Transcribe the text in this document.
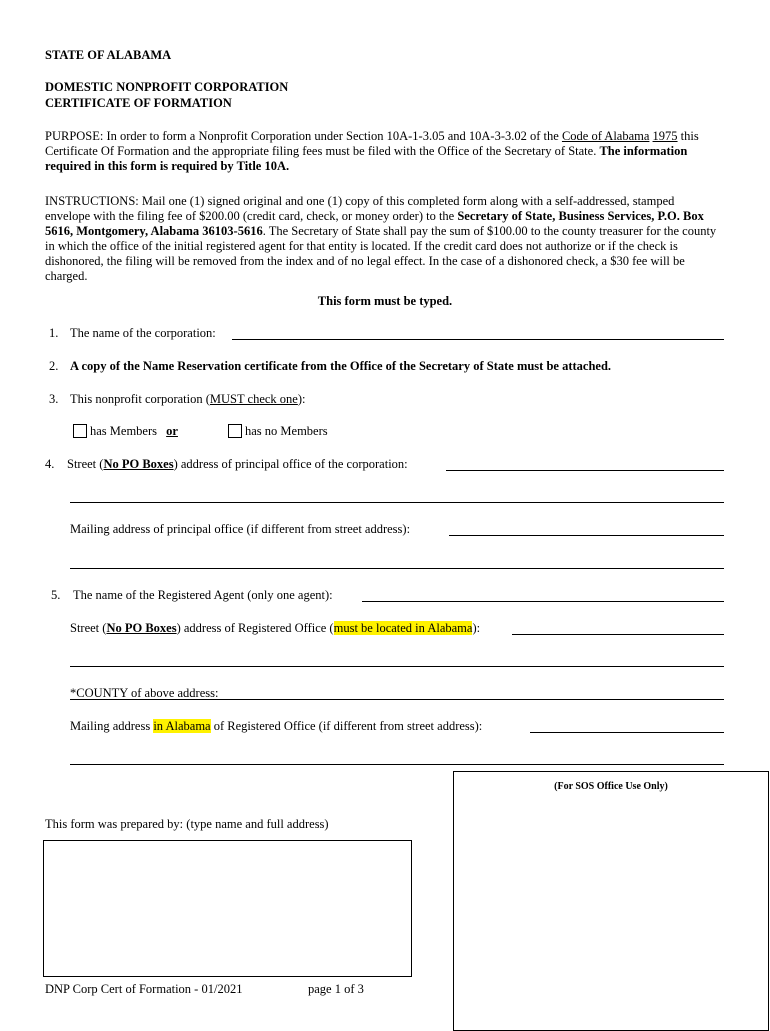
STATE OF ALABAMA
DOMESTIC NONPROFIT CORPORATION
CERTIFICATE OF FORMATION
PURPOSE: In order to form a Nonprofit Corporation under Section 10A-1-3.05 and 10A-3-3.02 of the Code of Alabama 1975 this Certificate Of Formation and the appropriate filing fees must be filed with the Office of the Secretary of State. The information required in this form is required by Title 10A.
INSTRUCTIONS: Mail one (1) signed original and one (1) copy of this completed form along with a self-addressed, stamped envelope with the filing fee of $200.00 (credit card, check, or money order) to the Secretary of State, Business Services, P.O. Box 5616, Montgomery, Alabama 36103-5616. The Secretary of State shall pay the sum of $100.00 to the county treasurer for the county in which the office of the initial registered agent for that entity is located. If the credit card does not authorize or if the check is dishonored, the filing will be removed from the index and of no legal effect. In the case of a dishonored check, a $30 fee will be charged.
This form must be typed.
1. The name of the corporation:
2. A copy of the Name Reservation certificate from the Office of the Secretary of State must be attached.
3. This nonprofit corporation (MUST check one):
has Members or	has no Members
4. Street (No PO Boxes) address of principal office of the corporation:
Mailing address of principal office (if different from street address):
5. The name of the Registered Agent (only one agent):
Street (No PO Boxes) address of Registered Office (must be located in Alabama):
*COUNTY of above address:
Mailing address in Alabama of Registered Office (if different from street address):
(For SOS Office Use Only)
This form was prepared by: (type name and full address)
DNP Corp Cert of Formation - 01/2021	page 1 of 3
